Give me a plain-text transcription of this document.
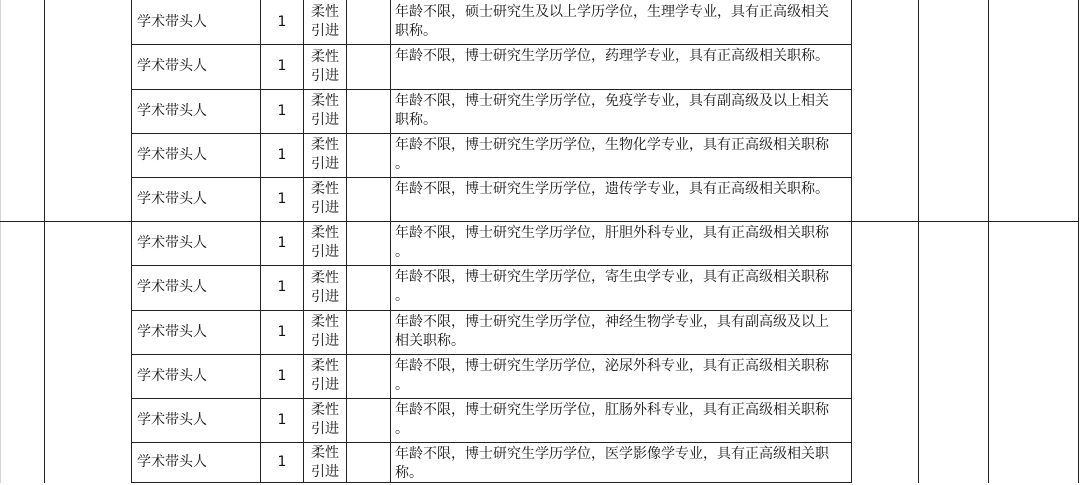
学术带头人	1
柔性
引进
年龄不限，硕士研究生及以上学历学位，生理学专业，具有正高级相关
职称。
学术带头人	1
柔性
引进
年龄不限，博士研究生学历学位，药理学专业，具有正高级相关职称。
学术带头人	1
柔性
引进
年龄不限，博士研究生学历学位，免疫学专业，具有副高级及以上相关
职称。
学术带头人	1
柔性
引进
年龄不限，博士研究生学历学位，生物化学专业，具有正高级相关职称
。
学术带头人	1
柔性
引进
年龄不限，博士研究生学历学位，遗传学专业，具有正高级相关职称。
学术带头人	1
柔性
引进
年龄不限，博士研究生学历学位，肝胆外科专业，具有正高级相关职称
。
学术带头人	1
柔性
引进
年龄不限，博士研究生学历学位，寄生虫学专业，具有正高级相关职称
。
学术带头人	1
柔性
引进
年龄不限，博士研究生学历学位，神经生物学专业，具有副高级及以上
相关职称。
学术带头人	1
柔性
引进
年龄不限，博士研究生学历学位，泌尿外科专业，具有正高级相关职称
。
学术带头人	1
柔性
引进
年龄不限，博士研究生学历学位，肛肠外科专业，具有正高级相关职称
。
学术带头人	1
柔性
引进
年龄不限，博士研究生学历学位，医学影像学专业，具有正高级相关职
称。
